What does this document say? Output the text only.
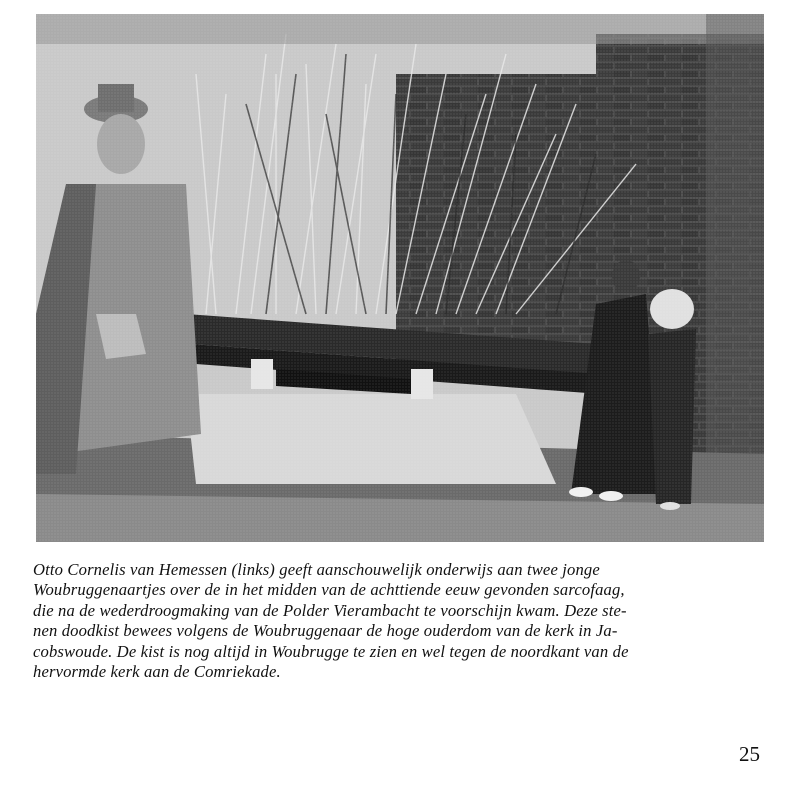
Otto Cornelis van Hemessen (links) geeft aanschouwelijk onderwijs aan twee jonge
Woubruggenaartjes over de in het midden van de achttiende eeuw gevonden sarcofaag,
die na de wederdroogmaking van de Polder Vierambacht te voorschijn kwam. Deze ste-
nen doodkist bewees volgens de Woubruggenaar de hoge ouderdom van de kerk in Ja-
cobswoude. De kist is nog altijd in Woubrugge te zien en wel tegen de noordkant van de
hervormde kerk aan de Comriekade.

25
